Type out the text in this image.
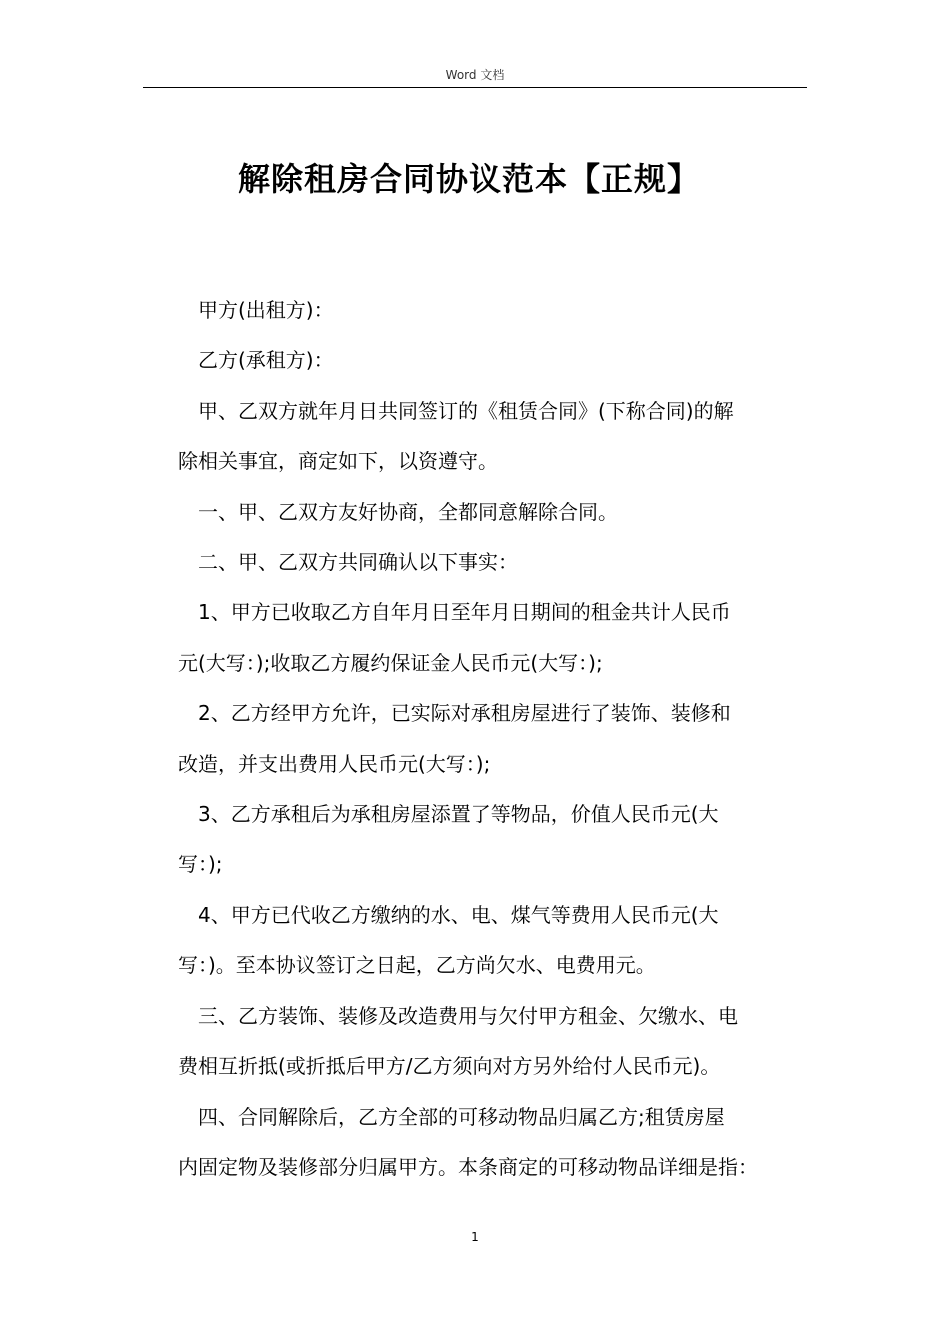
Word 文档
解除租房合同协议范本【正规】

甲方(出租方)：

乙方(承租方)：

甲、乙双方就年月日共同签订的《租赁合同》(下称合同)的解
除相关事宜，商定如下，以资遵守。

一、甲、乙双方友好协商，全都同意解除合同。

二、甲、乙双方共同确认以下事实：

1、甲方已收取乙方自年月日至年月日期间的租金共计人民币
元(大写：);收取乙方履约保证金人民币元(大写：);

2、乙方经甲方允许，已实际对承租房屋进行了装饰、装修和
改造，并支出费用人民币元(大写：);

3、乙方承租后为承租房屋添置了等物品，价值人民币元(大
写：);

4、甲方已代收乙方缴纳的水、电、煤气等费用人民币元(大
写：)。至本协议签订之日起，乙方尚欠水、电费用元。

三、乙方装饰、装修及改造费用与欠付甲方租金、欠缴水、电
费相互折抵(或折抵后甲方/乙方须向对方另外给付人民币元)。

四、合同解除后，乙方全部的可移动物品归属乙方;租赁房屋
内固定物及装修部分归属甲方。本条商定的可移动物品详细是指：

1
